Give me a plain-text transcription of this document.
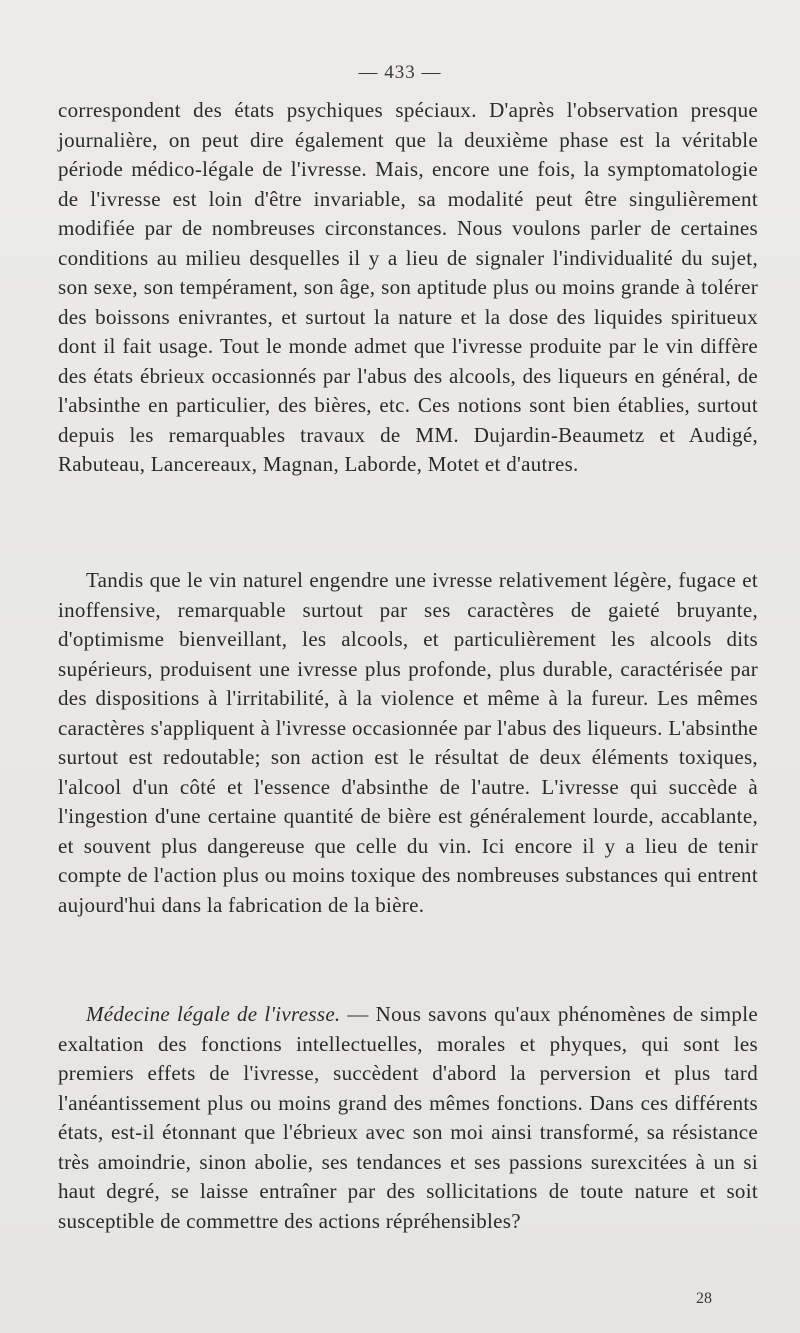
— 433 —

correspondent des états psychiques spéciaux. D'après l'observation presque journalière, on peut dire également que la deuxième phase est la véritable période médico-légale de l'ivresse. Mais, encore une fois, la symptomatologie de l'ivresse est loin d'être invariable, sa modalité peut être singulièrement modifiée par de nombreuses circonstances. Nous voulons parler de certaines conditions au milieu desquelles il y a lieu de signaler l'individualité du sujet, son sexe, son tempérament, son âge, son aptitude plus ou moins grande à tolérer des boissons enivrantes, et surtout la nature et la dose des liquides spiritueux dont il fait usage. Tout le monde admet que l'ivresse produite par le vin diffère des états ébrieux occasionnés par l'abus des alcools, des liqueurs en général, de l'absinthe en particulier, des bières, etc. Ces notions sont bien établies, surtout depuis les remarquables travaux de MM. Dujardin-Beaumetz et Audigé, Rabuteau, Lancereaux, Magnan, Laborde, Motet et d'autres.

Tandis que le vin naturel engendre une ivresse relativement légère, fugace et inoffensive, remarquable surtout par ses caractères de gaieté bruyante, d'optimisme bienveillant, les alcools, et particulièrement les alcools dits supérieurs, produisent une ivresse plus profonde, plus durable, caractérisée par des dispositions à l'irritabilité, à la violence et même à la fureur. Les mêmes caractères s'appliquent à l'ivresse occasionnée par l'abus des liqueurs. L'absinthe surtout est redoutable; son action est le résultat de deux éléments toxiques, l'alcool d'un côté et l'essence d'absinthe de l'autre. L'ivresse qui succède à l'ingestion d'une certaine quantité de bière est généralement lourde, accablante, et souvent plus dangereuse que celle du vin. Ici encore il y a lieu de tenir compte de l'action plus ou moins toxique des nombreuses substances qui entrent aujourd'hui dans la fabrication de la bière.

Médecine légale de l'ivresse. — Nous savons qu'aux phénomènes de simple exaltation des fonctions intellectuelles, morales et phyques, qui sont les premiers effets de l'ivresse, succèdent d'abord la perversion et plus tard l'anéantissement plus ou moins grand des mêmes fonctions. Dans ces différents états, est-il étonnant que l'ébrieux avec son moi ainsi transformé, sa résistance très amoindrie, sinon abolie, ses tendances et ses passions surexcitées à un si haut degré, se laisse entraîner par des sollicitations de toute nature et soit susceptible de commettre des actions répréhensibles?

28
